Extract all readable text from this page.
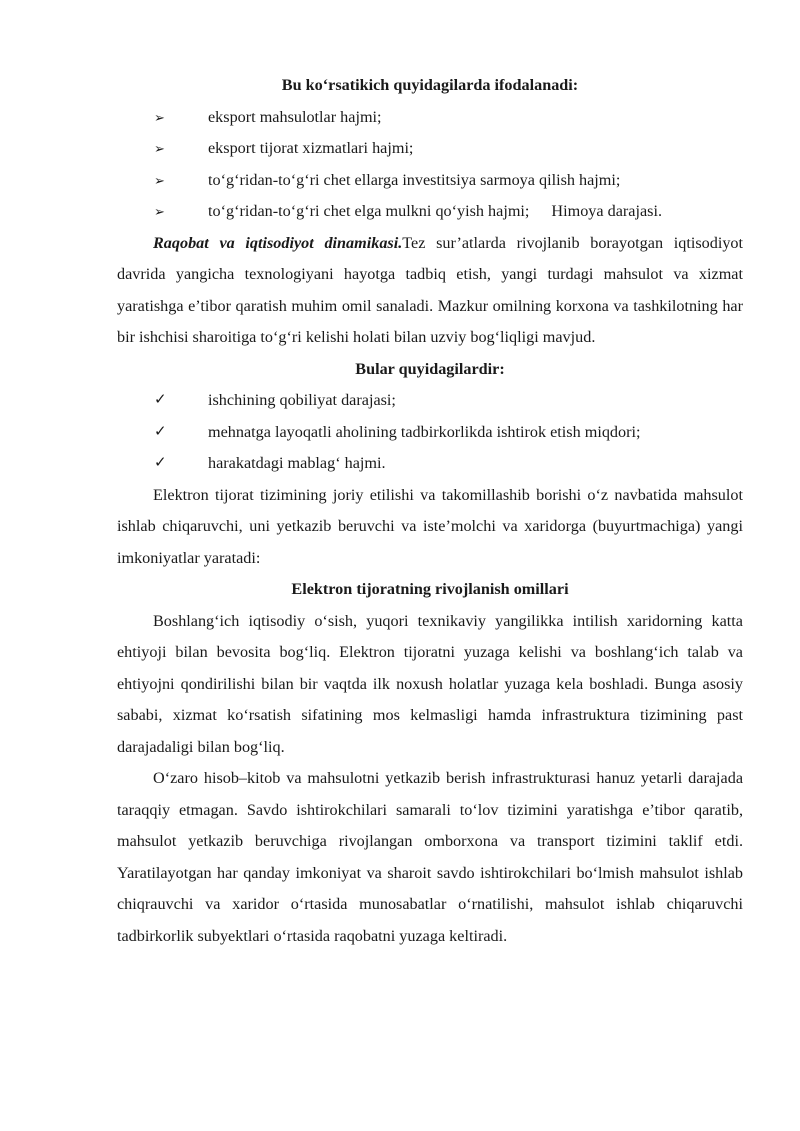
Bu ko‘rsatikich quyidagilarda ifodalanadi:

➢	eksport mahsulotlar hajmi;
➢	eksport tijorat xizmatlari hajmi;
➢	to‘g‘ridan-to‘g‘ri chet ellarga investitsiya sarmoya qilish hajmi;
➢	to‘g‘ridan-to‘g‘ri chet elga mulkni qo‘yish hajmi; Himoya darajasi.

Raqobat va iqtisodiyot dinamikasi.Tez sur’atlarda rivojlanib borayotgan iqtisodiyot davrida yangicha texnologiyani hayotga tadbiq etish, yangi turdagi mahsulot va xizmat yaratishga e’tibor qaratish muhim omil sanaladi. Mazkur omilning korxona va tashkilotning har bir ishchisi sharoitiga to‘g‘ri kelishi holati bilan uzviy bog‘liqligi mavjud.

Bular quyidagilardir:

✓	ishchining qobiliyat darajasi;
✓	mehnatga layoqatli aholining tadbirkorlikda ishtirok etish miqdori;
✓	harakatdagi mablag‘ hajmi.

Elektron tijorat tizimining joriy etilishi va takomillashib borishi o‘z navbatida mahsulot ishlab chiqaruvchi, uni yetkazib beruvchi va iste’molchi va xaridorga (buyurtmachiga) yangi imkoniyatlar yaratadi:

Elektron tijoratning rivojlanish omillari

Boshlang‘ich iqtisodiy o‘sish, yuqori texnikaviy yangilikka intilish xaridorning katta ehtiyoji bilan bevosita bog‘liq. Elektron tijoratni yuzaga kelishi va boshlang‘ich talab va ehtiyojni qondirilishi bilan bir vaqtda ilk noxush holatlar yuzaga kela boshladi. Bunga asosiy sababi, xizmat ko‘rsatish sifatining mos kelmasligi hamda infrastruktura tizimining past darajadaligi bilan bog‘liq.

O‘zaro hisob–kitob va mahsulotni yetkazib berish infrastrukturasi hanuz yetarli darajada taraqqiy etmagan. Savdo ishtirokchilari samarali to‘lov tizimini yaratishga e’tibor qaratib, mahsulot yetkazib beruvchiga rivojlangan omborxona va transport tizimini taklif etdi. Yaratilayotgan har qanday imkoniyat va sharoit savdo ishtirokchilari bo‘lmish mahsulot ishlab chiqrauvchi va xaridor o‘rtasida munosabatlar o‘rnatilishi, mahsulot ishlab chiqaruvchi tadbirkorlik subyektlari o‘rtasida raqobatni yuzaga keltiradi.
